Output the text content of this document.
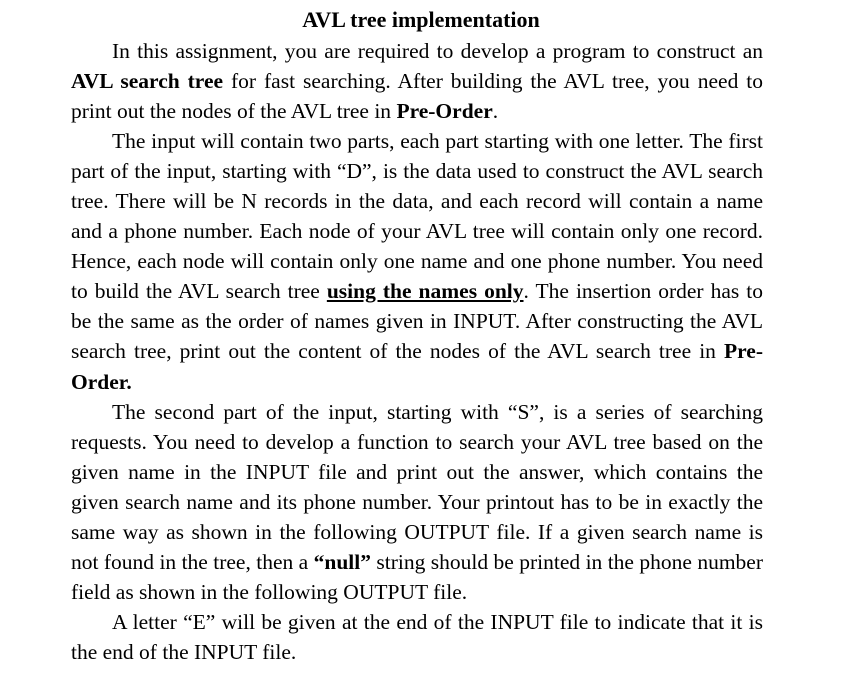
AVL tree implementation

In this assignment, you are required to develop a program to construct an AVL search tree for fast searching. After building the AVL tree, you need to print out the nodes of the AVL tree in Pre-Order.

The input will contain two parts, each part starting with one letter. The first part of the input, starting with “D”, is the data used to construct the AVL search tree. There will be N records in the data, and each record will contain a name and a phone number. Each node of your AVL tree will contain only one record. Hence, each node will contain only one name and one phone number. You need to build the AVL search tree using the names only. The insertion order has to be the same as the order of names given in INPUT. After constructing the AVL search tree, print out the content of the nodes of the AVL search tree in Pre-Order.

The second part of the input, starting with “S”, is a series of searching requests. You need to develop a function to search your AVL tree based on the given name in the INPUT file and print out the answer, which contains the given search name and its phone number. Your printout has to be in exactly the same way as shown in the following OUTPUT file. If a given search name is not found in the tree, then a “null” string should be printed in the phone number field as shown in the following OUTPUT file.

A letter “E” will be given at the end of the INPUT file to indicate that it is the end of the INPUT file.
